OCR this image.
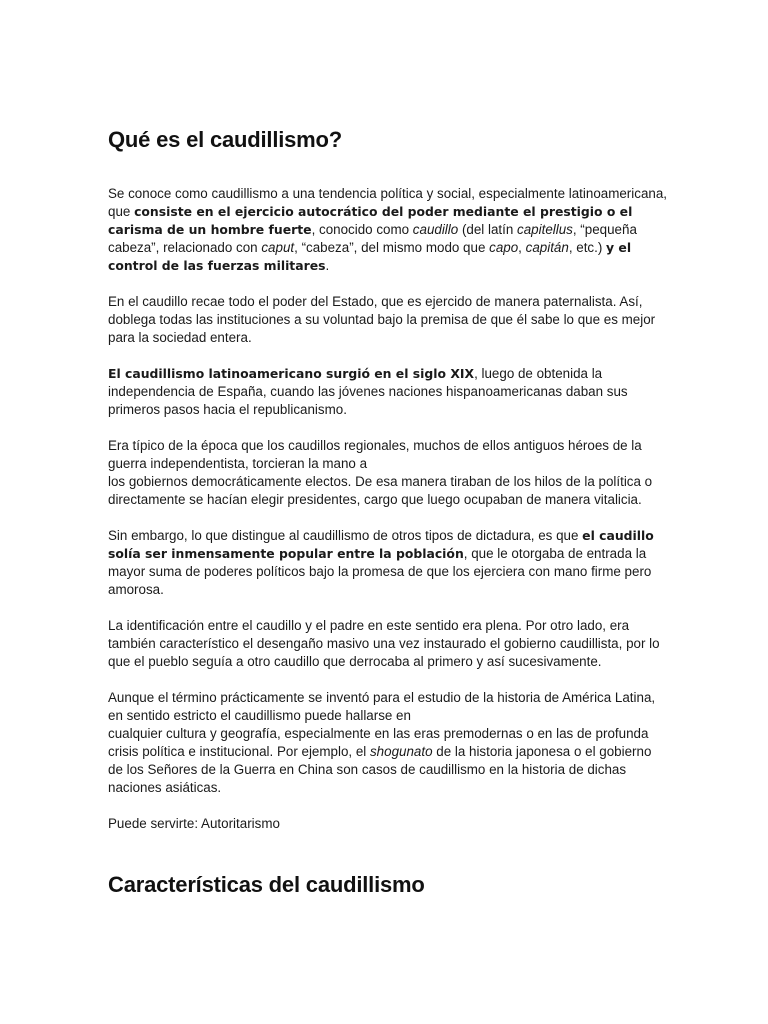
Qué es el caudillismo?

Se conoce como caudillismo a una tendencia política y social, especialmente latinoamericana, que consiste en el ejercicio autocrático del poder mediante el prestigio o el carisma de un hombre fuerte, conocido como caudillo (del latín capitellus, “pequeña cabeza”, relacionado con caput, “cabeza”, del mismo modo que capo, capitán, etc.) y el control de las fuerzas militares.

En el caudillo recae todo el poder del Estado, que es ejercido de manera paternalista. Así, doblega todas las instituciones a su voluntad bajo la premisa de que él sabe lo que es mejor para la sociedad entera.

El caudillismo latinoamericano surgió en el siglo XIX, luego de obtenida la independencia de España, cuando las jóvenes naciones hispanoamericanas daban sus primeros pasos hacia el republicanismo.

Era típico de la época que los caudillos regionales, muchos de ellos antiguos héroes de la guerra independentista, torcieran la mano a
los gobiernos democráticamente electos. De esa manera tiraban de los hilos de la política o directamente se hacían elegir presidentes, cargo que luego ocupaban de manera vitalicia.

Sin embargo, lo que distingue al caudillismo de otros tipos de dictadura, es que el caudillo solía ser inmensamente popular entre la población, que le otorgaba de entrada la mayor suma de poderes políticos bajo la promesa de que los ejerciera con mano firme pero amorosa.

La identificación entre el caudillo y el padre en este sentido era plena. Por otro lado, era también característico el desengaño masivo una vez instaurado el gobierno caudillista, por lo que el pueblo seguía a otro caudillo que derrocaba al primero y así sucesivamente.

Aunque el término prácticamente se inventó para el estudio de la historia de América Latina, en sentido estricto el caudillismo puede hallarse en
cualquier cultura y geografía, especialmente en las eras premodernas o en las de profunda crisis política e institucional. Por ejemplo, el shogunato de la historia japonesa o el gobierno de los Señores de la Guerra en China son casos de caudillismo en la historia de dichas naciones asiáticas.

Puede servirte: Autoritarismo

Características del caudillismo
